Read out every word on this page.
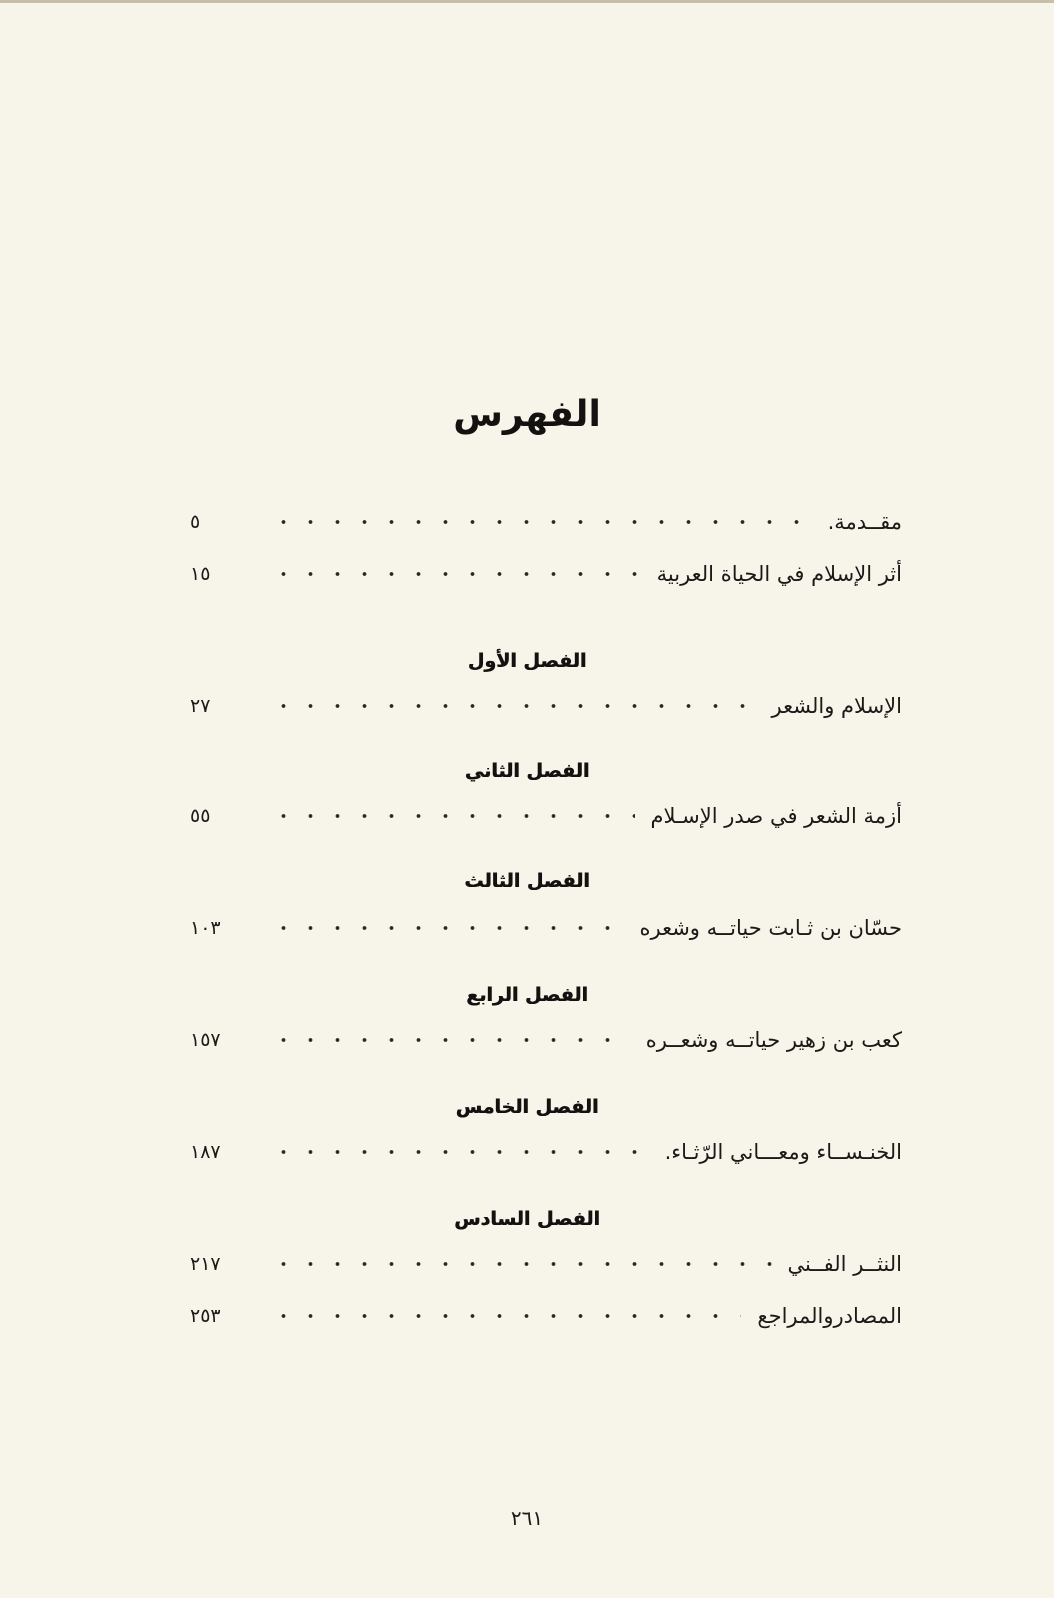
الفهرس
مقــدمة.
٥
أثر الإسلام في الحياة العربية
١٥
الفصل الأول
الإسلام والشعر
٢٧
الفصل الثاني
أزمة الشعر في صدر الإسـلام
٥٥
الفصل الثالث
حسّان بن ثـابت حياتــه وشعره
١٠٣
الفصل الرابع
كعب بن زهير حياتــه وشعــره
١٥٧
الفصل الخامس
الخنـســاء ومعـــاني الرّثـاء.
١٨٧
الفصل السادس
النثــر الفــني
٢١٧
المصادروالمراجع
٢٥٣
٢٦١
